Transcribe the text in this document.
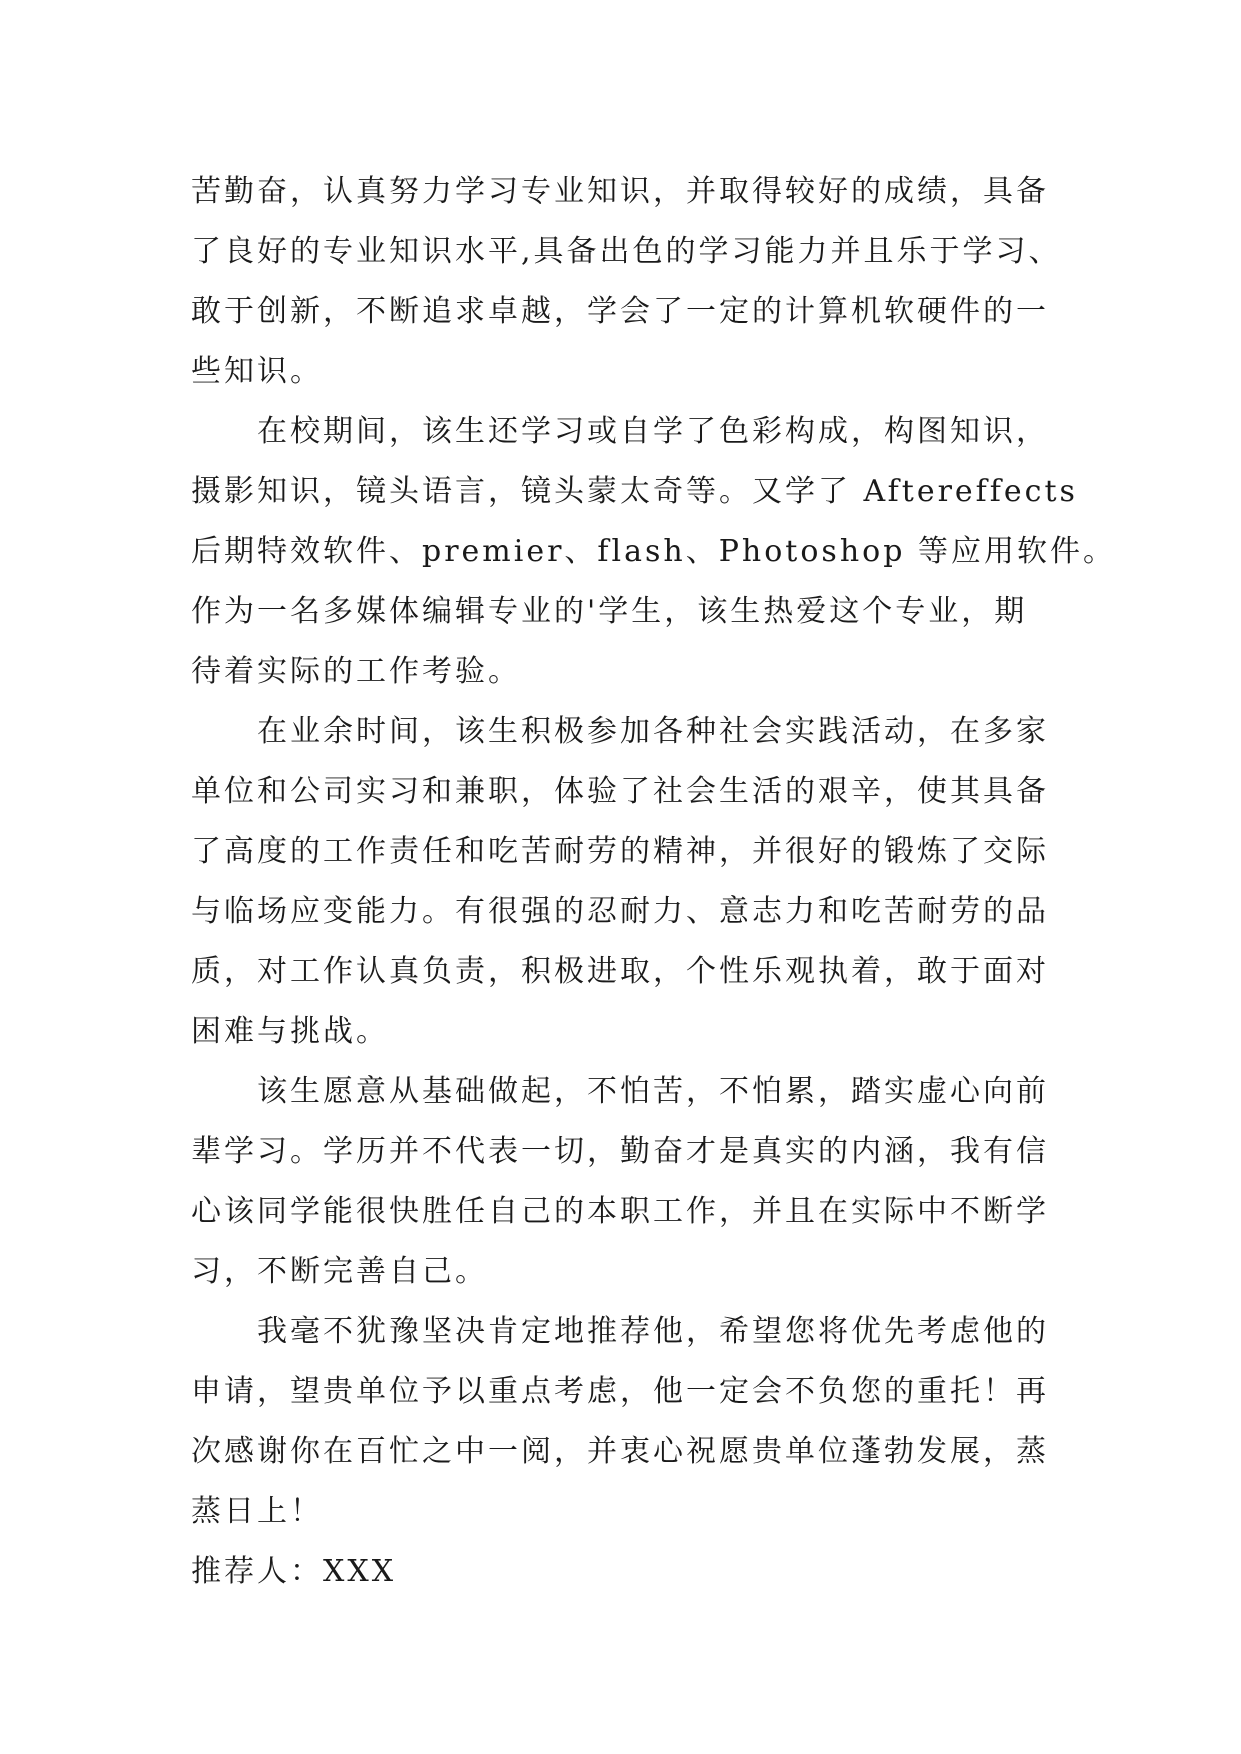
苦勤奋，认真努力学习专业知识，并取得较好的成绩，具备
了良好的专业知识水平,具备出色的学习能力并且乐于学习、
敢于创新，不断追求卓越，学会了一定的计算机软硬件的一
些知识。
在校期间，该生还学习或自学了色彩构成，构图知识，
摄影知识，镜头语言，镜头蒙太奇等。又学了 Aftereffects
后期特效软件、premier、flash、Photoshop 等应用软件。
作为一名多媒体编辑专业的'学生，该生热爱这个专业，期
待着实际的工作考验。
在业余时间，该生积极参加各种社会实践活动，在多家
单位和公司实习和兼职，体验了社会生活的艰辛，使其具备
了高度的工作责任和吃苦耐劳的精神，并很好的锻炼了交际
与临场应变能力。有很强的忍耐力、意志力和吃苦耐劳的品
质，对工作认真负责，积极进取，个性乐观执着，敢于面对
困难与挑战。
该生愿意从基础做起，不怕苦，不怕累，踏实虚心向前
辈学习。学历并不代表一切，勤奋才是真实的内涵，我有信
心该同学能很快胜任自己的本职工作，并且在实际中不断学
习，不断完善自己。
我毫不犹豫坚决肯定地推荐他，希望您将优先考虑他的
申请，望贵单位予以重点考虑，他一定会不负您的重托！再
次感谢你在百忙之中一阅，并衷心祝愿贵单位蓬勃发展，蒸
蒸日上！
推荐人：XXX
